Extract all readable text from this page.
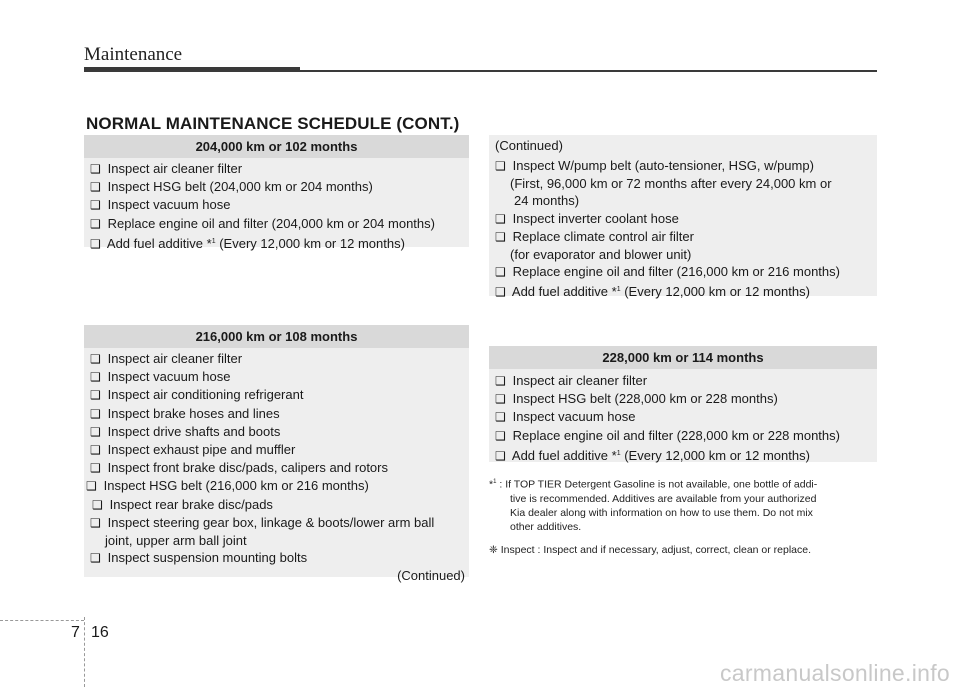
Maintenance
NORMAL MAINTENANCE SCHEDULE (CONT.)
204,000 km or 102 months
❑ Inspect air cleaner filter
❑ Inspect HSG belt (204,000 km or 204 months)
❑ Inspect vacuum hose
❑ Replace engine oil and filter (204,000 km or 204 months)
❑ Add fuel additive *$^1$ (Every 12,000 km or 12 months)
216,000 km or 108 months
❑ Inspect air cleaner filter
❑ Inspect vacuum hose
❑ Inspect air conditioning refrigerant
❑ Inspect brake hoses and lines
❑ Inspect drive shafts and boots
❑ Inspect exhaust pipe and muffler
❑ Inspect front brake disc/pads, calipers and rotors
❑ Inspect HSG belt (216,000 km or 216 months)
❑ Inspect rear brake disc/pads
❑ Inspect steering gear box, linkage & boots/lower arm ball
joint, upper arm ball joint
❑ Inspect suspension mounting bolts
(Continued)
(Continued)
❑ Inspect W/pump belt (auto-tensioner, HSG, w/pump)
(First, 96,000 km or 72 months after every 24,000 km or
24 months)
❑ Inspect inverter coolant hose
❑ Replace climate control air filter
(for evaporator and blower unit)
❑ Replace engine oil and filter (216,000 km or 216 months)
❑ Add fuel additive *$^1$ (Every 12,000 km or 12 months)
228,000 km or 114 months
❑ Inspect air cleaner filter
❑ Inspect HSG belt (228,000 km or 228 months)
❑ Inspect vacuum hose
❑ Replace engine oil and filter (228,000 km or 228 months)
❑ Add fuel additive *$^1$ (Every 12,000 km or 12 months)
*$^1$ : If TOP TIER Detergent Gasoline is not available, one bottle of addi-
tive is recommended. Additives are available from your authorized
Kia dealer along with information on how to use them. Do not mix
other additives.
❈ Inspect : Inspect and if necessary, adjust, correct, clean or replace.
7 16
carmanualsonline.info
